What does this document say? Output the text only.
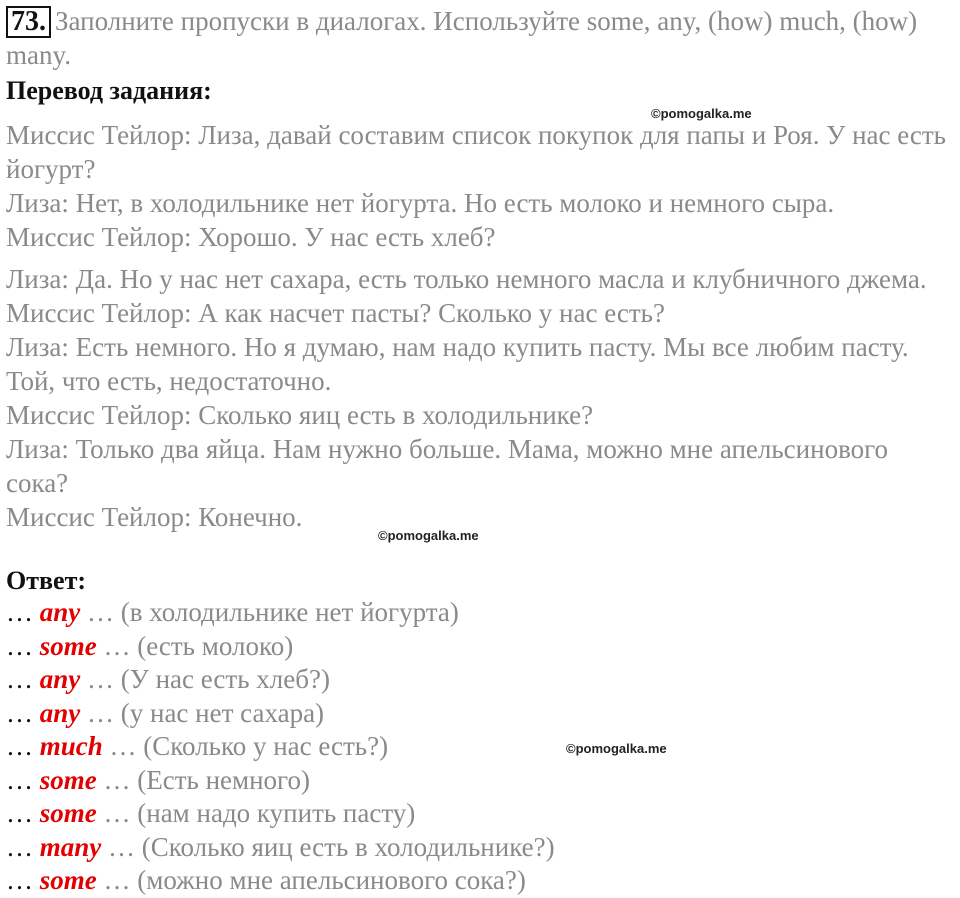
73. Заполните пропуски в диалогах. Используйте some, any, (how) much, (how) many.
Перевод задания:
©pomogalka.me

Миссис Тейлор: Лиза, давай составим список покупок для папы и Роя. У нас есть йогурт?

Лиза: Нет, в холодильнике нет йогурта. Но есть молоко и немного сыра.

Миссис Тейлор: Хорошо. У нас есть хлеб?

Лиза: Да. Но у нас нет сахара, есть только немного масла и клубничного джема.

Миссис Тейлор: А как насчет пасты? Сколько у нас есть?

Лиза: Есть немного. Но я думаю, нам надо купить пасту. Мы все любим пасту. Той, что есть, недостаточно.

Миссис Тейлор: Сколько яиц есть в холодильнике?

Лиза: Только два яйца. Нам нужно больше. Мама, можно мне апельсинового сока?

Миссис Тейлор: Конечно.

©pomogalka.me
Ответ:
©pomogalka.me
… any … (в холодильнике нет йогурта)
… some … (есть молоко)
… any … (У нас есть хлеб?)
… any … (у нас нет сахара)
… much … (Сколько у нас есть?)
… some … (Есть немного)
… some … (нам надо купить пасту)
… many … (Сколько яиц есть в холодильнике?)
… some … (можно мне апельсинового сока?)
